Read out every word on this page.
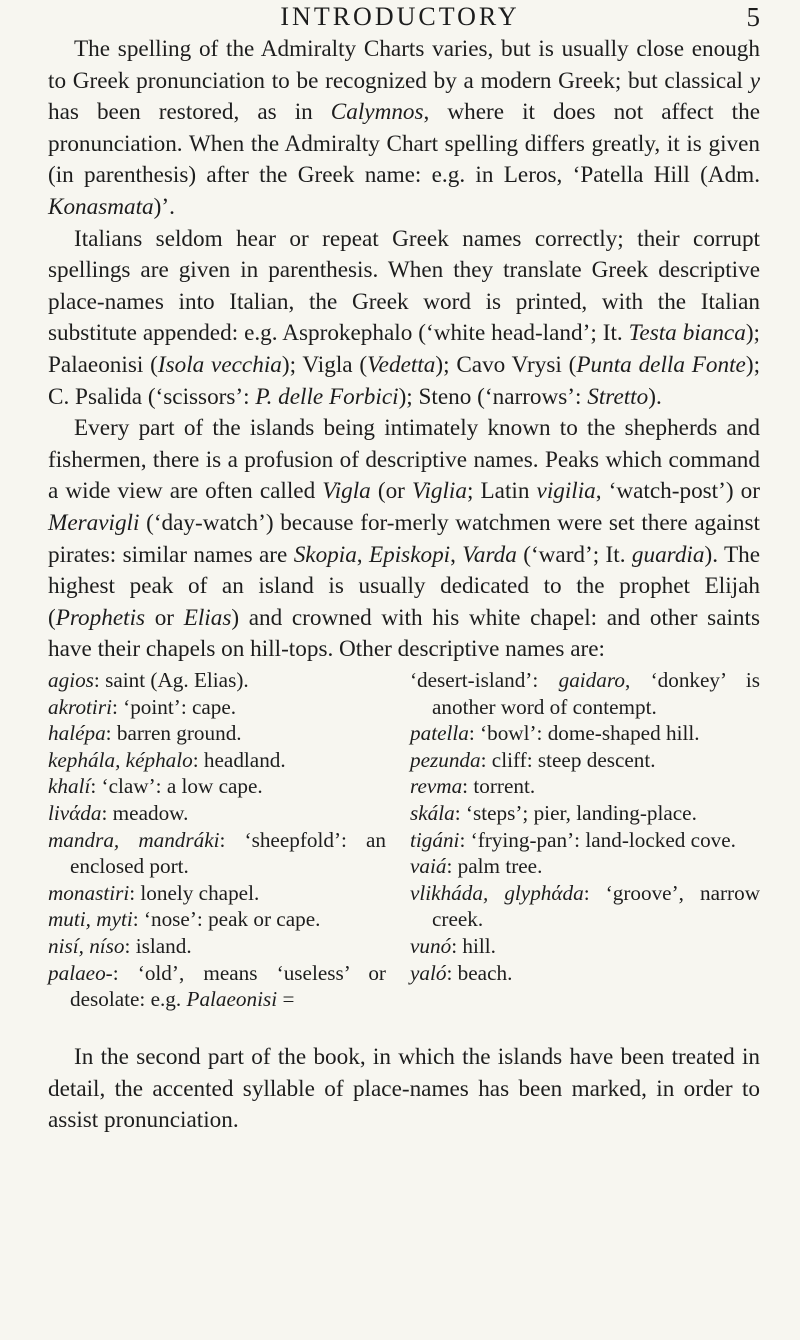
INTRODUCTORY	5

The spelling of the Admiralty Charts varies, but is usually close enough to Greek pronunciation to be recognized by a modern Greek; but classical y has been restored, as in Calymnos, where it does not affect the pronunciation. When the Admiralty Chart spelling differs greatly, it is given (in parenthesis) after the Greek name: e.g. in Leros, ‘Patella Hill (Adm. Konasmata)’.

Italians seldom hear or repeat Greek names correctly; their corrupt spellings are given in parenthesis. When they translate Greek descriptive place-names into Italian, the Greek word is printed, with the Italian substitute appended: e.g. Asprokephalo (‘white head-land’; It. Testa bianca); Palaeonisi (Isola vecchia); Vigla (Vedetta); Cavo Vrysi (Punta della Fonte); C. Psalida (‘scissors’: P. delle Forbici); Steno (‘narrows’: Stretto).

Every part of the islands being intimately known to the shepherds and fishermen, there is a profusion of descriptive names. Peaks which command a wide view are often called Vigla (or Viglia; Latin vigilia, ‘watch-post’) or Meravigli (‘day-watch’) because for-merly watchmen were set there against pirates: similar names are Skopia, Episkopi, Varda (‘ward’; It. guardia). The highest peak of an island is usually dedicated to the prophet Elijah (Prophetis or Elias) and crowned with his white chapel: and other saints have their chapels on hill-tops. Other descriptive names are:

agios: saint (Ag. Elias).

akrotiri: ‘point’: cape.

halépa: barren ground.

kephála, képhalo: headland.

khalí: ‘claw’: a low cape.

livάda: meadow.

mandra, mandráki: ‘sheepfold’: an enclosed port.

monastiri: lonely chapel.

muti, myti: ‘nose’: peak or cape.

nisí, níso: island.

palaeo-: ‘old’, means ‘useless’ or desolate: e.g. Palaeonisi =

‘desert-island’: gaidaro, ‘donkey’ is another word of contempt.

patella: ‘bowl’: dome-shaped hill.

pezunda: cliff: steep descent.

revma: torrent.

skála: ‘steps’; pier, landing-place.

tigáni: ‘frying-pan’: land-locked cove.

vaiá: palm tree.

vlikháda, glyphάda: ‘groove’, narrow creek.

vunó: hill.

yaló: beach.

In the second part of the book, in which the islands have been treated in detail, the accented syllable of place-names has been marked, in order to assist pronunciation.
